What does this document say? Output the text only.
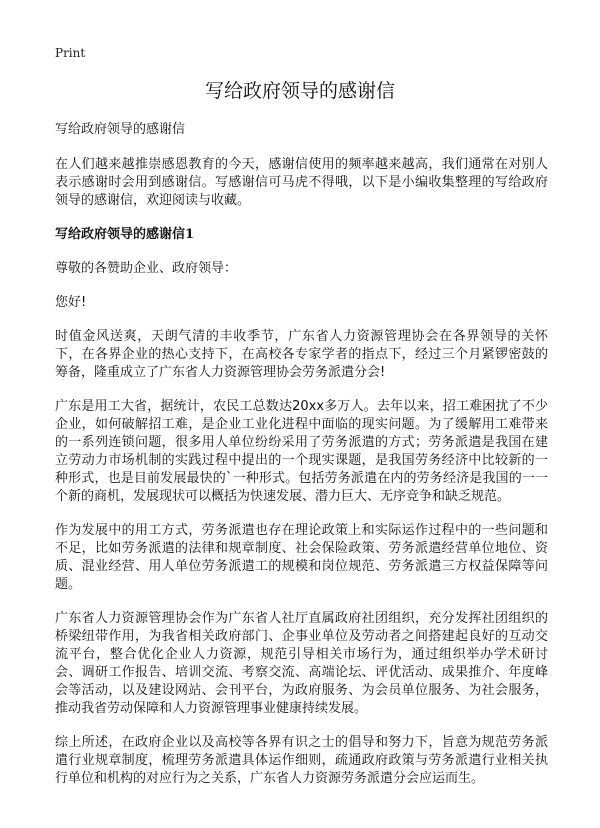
Print
写给政府领导的感谢信

写给政府领导的感谢信

在人们越来越推崇感恩教育的今天，感谢信使用的频率越来越高，我们通常在对别人表示感谢时会用到感谢信。写感谢信可马虎不得哦，以下是小编收集整理的写给政府领导的感谢信，欢迎阅读与收藏。

写给政府领导的感谢信1

尊敬的各赞助企业、政府领导：

您好!

时值金风送爽，天朗气清的丰收季节，广东省人力资源管理协会在各界领导的关怀下，在各界企业的热心支持下，在高校各专家学者的指点下，经过三个月紧锣密鼓的筹备，隆重成立了广东省人力资源管理协会劳务派遣分会!

广东是用工大省，据统计，农民工总数达20xx多万人。去年以来，招工难困扰了不少企业，如何破解招工难，是企业工业化进程中面临的现实问题。为了缓解用工难带来的一系列连锁问题，很多用人单位纷纷采用了劳务派遣的方式；劳务派遣是我国在建立劳动力市场机制的实践过程中提出的一个现实课题，是我国劳务经济中比较新的一种形式，也是目前发展最快的`一种形式。包括劳务派遣在内的劳务经济是我国的一一个新的商机，发展现状可以概括为快速发展、潜力巨大、无序竞争和缺乏规范。

作为发展中的用工方式，劳务派遣也存在理论政策上和实际运作过程中的一些问题和不足，比如劳务派遣的法律和规章制度、社会保险政策、劳务派遣经营单位地位、资质、混业经营、用人单位劳务派遣工的规模和岗位规范、劳务派遣三方权益保障等问题。

广东省人力资源管理协会作为广东省人社厅直属政府社团组织，充分发挥社团组织的桥梁纽带作用，为我省相关政府部门、企事业单位及劳动者之间搭建起良好的互动交流平台，整合优化企业人力资源，规范引导相关市场行为，通过组织举办学术研讨会、调研工作报告、培训交流、考察交流、高端论坛、评优活动、成果推介、年度峰会等活动，以及建设网站、会刊平台，为政府服务、为会员单位服务、为社会服务，推动我省劳动保障和人力资源管理事业健康持续发展。

综上所述，在政府企业以及高校等各界有识之士的倡导和努力下，旨意为规范劳务派遣行业规章制度，梳理劳务派遣具体运作细则，疏通政府政策与劳务派遣行业相关执行单位和机构的对应行为之关系，广东省人力资源劳务派遣分会应运而生。
